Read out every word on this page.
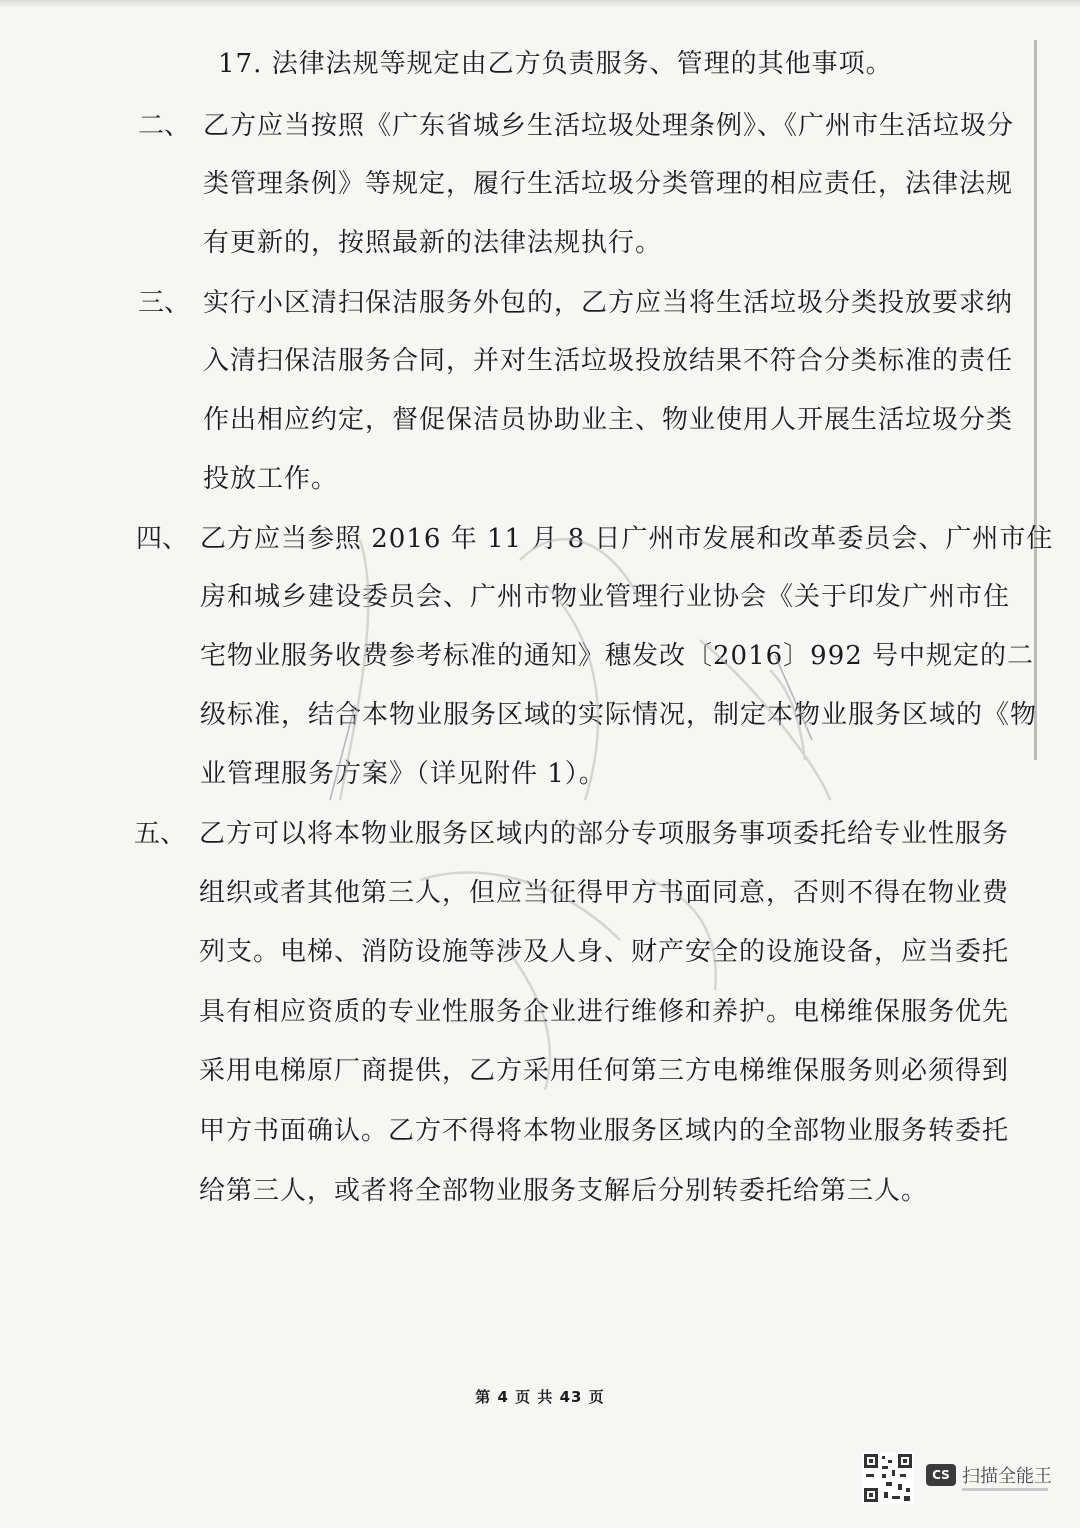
17. 法律法规等规定由乙方负责服务、管理的其他事项。
二、 乙方应当按照《广东省城乡生活垃圾处理条例》、《广州市生活垃圾分
类管理条例》等规定，履行生活垃圾分类管理的相应责任，法律法规
有更新的，按照最新的法律法规执行。
三、 实行小区清扫保洁服务外包的，乙方应当将生活垃圾分类投放要求纳
入清扫保洁服务合同，并对生活垃圾投放结果不符合分类标准的责任
作出相应约定，督促保洁员协助业主、物业使用人开展生活垃圾分类
投放工作。
四、 乙方应当参照 2016 年 11 月 8 日广州市发展和改革委员会、广州市住
房和城乡建设委员会、广州市物业管理行业协会《关于印发广州市住
宅物业服务收费参考标准的通知》穗发改〔2016〕992 号中规定的二
级标准，结合本物业服务区域的实际情况，制定本物业服务区域的《物
业管理服务方案》（详见附件 1）。
五、 乙方可以将本物业服务区域内的部分专项服务事项委托给专业性服务
组织或者其他第三人，但应当征得甲方书面同意，否则不得在物业费
列支。电梯、消防设施等涉及人身、财产安全的设施设备，应当委托
具有相应资质的专业性服务企业进行维修和养护。电梯维保服务优先
采用电梯原厂商提供，乙方采用任何第三方电梯维保服务则必须得到
甲方书面确认。乙方不得将本物业服务区域内的全部物业服务转委托
给第三人，或者将全部物业服务支解后分别转委托给第三人。
第 4 页 共 43 页
CS 扫描全能王
